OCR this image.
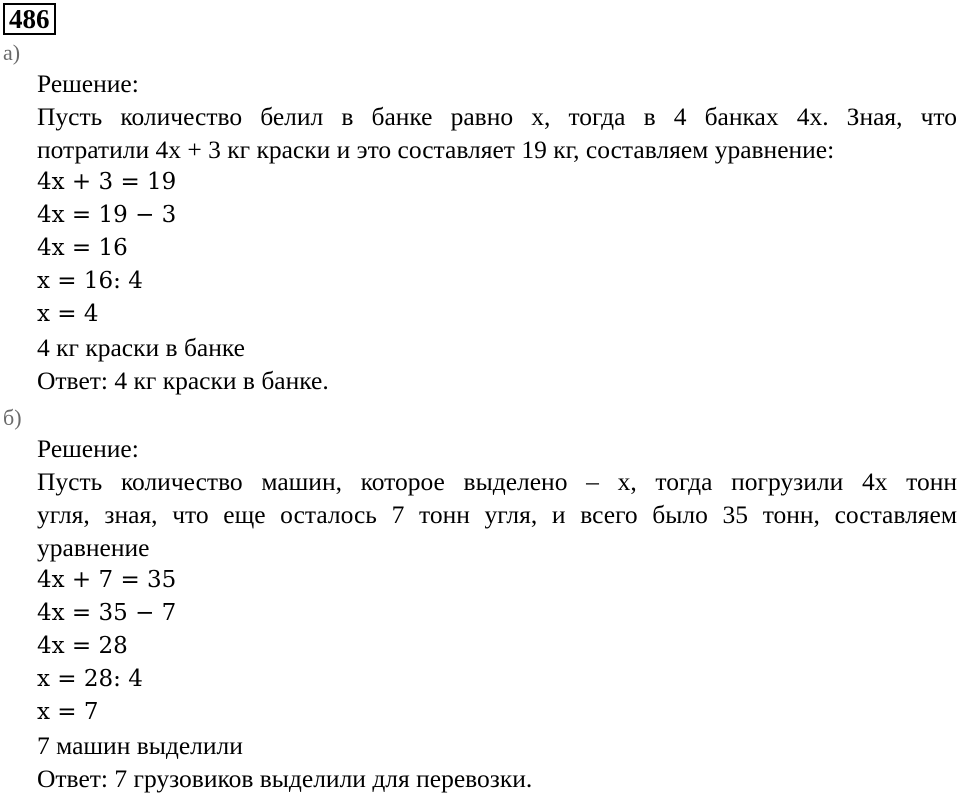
486
а)
Решение:
Пусть количество белил в банке равно x, тогда в 4 банках 4x. Зная, что
потратили 4x + 3 кг краски и это составляет 19 кг, составляем уравнение:
4x + 3 = 19
4x = 19 − 3
4x = 16
x = 16: 4
x = 4
4 кг краски в банке
Ответ: 4 кг краски в банке.
б)
Решение:
Пусть количество машин, которое выделено – x, тогда погрузили 4x тонн
угля, зная, что еще осталось 7 тонн угля, и всего было 35 тонн, составляем
уравнение
4x + 7 = 35
4x = 35 − 7
4x = 28
x = 28: 4
x = 7
7 машин выделили
Ответ: 7 грузовиков выделили для перевозки.
